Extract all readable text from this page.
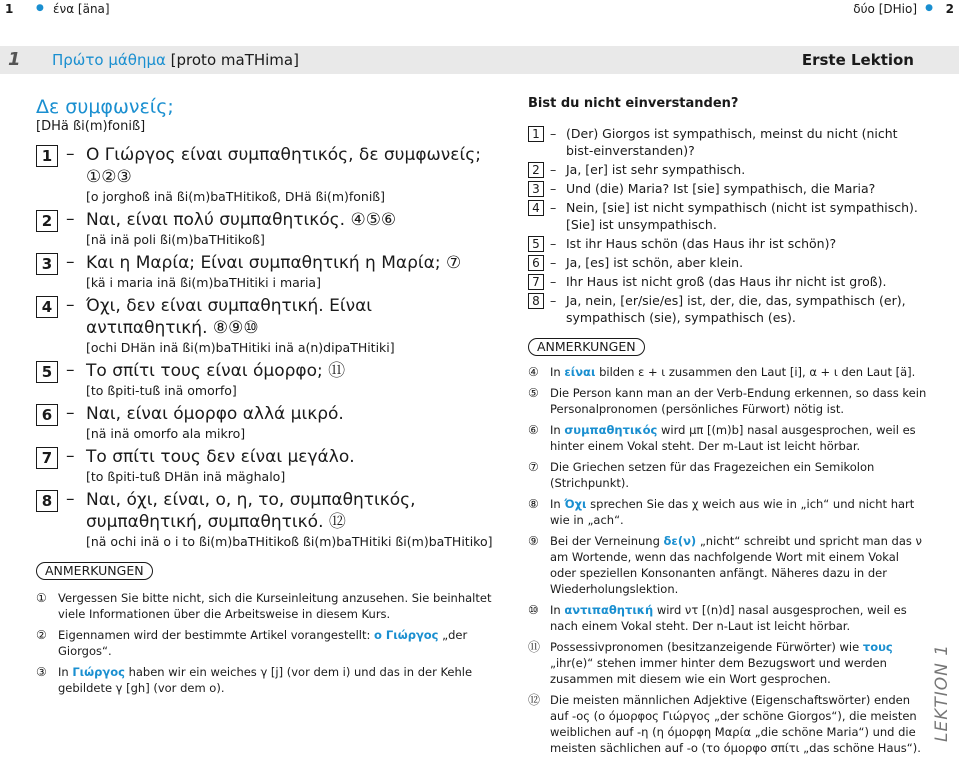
1	● ένα [äna]	δύο [DHio] ● 2
1 Πρώτο μάθημα [proto maTHima]	Erste Lektion
Δε συμφωνείς;
[DHä ßi(m)foniß]
1 – Ο Γιώργος είναι συμπαθητικός, δε συμφωνείς; ①②③
[o jorghoß inä ßi(m)baTHitikoß, DHä ßi(m)foniß]
2 – Ναι, είναι πολύ συμπαθητικός. ④⑤⑥
[nä inä poli ßi(m)baTHitikoß]
3 – Και η Μαρία; Είναι συμπαθητική η Μαρία; ⑦
[kä i maria inä ßi(m)baTHitiki i maria]
4 – Όχι, δεν είναι συμπαθητική. Είναι αντιπαθητική. ⑧⑨⑩
[ochi DHän inä ßi(m)baTHitiki inä a(n)dipaTHitiki]
5 – Το σπίτι τους είναι όμορφο; ⑪
[to ßpiti-tuß inä omorfo]
6 – Ναι, είναι όμορφο αλλά μικρό.
[nä inä omorfo ala mikro]
7 – Το σπίτι τους δεν είναι μεγάλο.
[to ßpiti-tuß DHän inä mäghalo]
8 – Ναι, όχι, είναι, ο, η, το, συμπαθητικός, συμπαθητική, συμπαθητικό. ⑫
[nä ochi inä o i to ßi(m)baTHitikoß ßi(m)baTHitiki ßi(m)baTHitiko]
ANMERKUNGEN
① Vergessen Sie bitte nicht, sich die Kurseinleitung anzusehen. Sie beinhaltet viele Informationen über die Arbeitsweise in diesem Kurs.
② Eigennamen wird der bestimmte Artikel vorangestellt: ο Γιώργος „der Giorgos“.
③ In Γιώργος haben wir ein weiches γ [j] (vor dem i) und das in der Kehle gebildete γ [gh] (vor dem o).
Bist du nicht einverstanden?
1 – (Der) Giorgos ist sympathisch, meinst du nicht (nicht bist-einverstanden)?
2 – Ja, [er] ist sehr sympathisch.
3 – Und (die) Maria? Ist [sie] sympathisch, die Maria?
4 – Nein, [sie] ist nicht sympathisch (nicht ist sympathisch). [Sie] ist unsympathisch.
5 – Ist ihr Haus schön (das Haus ihr ist schön)?
6 – Ja, [es] ist schön, aber klein.
7 – Ihr Haus ist nicht groß (das Haus ihr nicht ist groß).
8 – Ja, nein, [er/sie/es] ist, der, die, das, sympathisch (er), sympathisch (sie), sympathisch (es).
ANMERKUNGEN
④ In είναι bilden ε + ι zusammen den Laut [i], α + ι den Laut [ä].
⑤ Die Person kann man an der Verb-Endung erkennen, so dass kein Personalpronomen (persönliches Fürwort) nötig ist.
⑥ In συμπαθητικός wird μπ [(m)b] nasal ausgesprochen, weil es hinter einem Vokal steht. Der m-Laut ist leicht hörbar.
⑦ Die Griechen setzen für das Fragezeichen ein Semikolon (Strichpunkt).
⑧ In Όχι sprechen Sie das χ weich aus wie in „ich“ und nicht hart wie in „ach“.
⑨ Bei der Verneinung δε(ν) „nicht“ schreibt und spricht man das ν am Wortende, wenn das nachfolgende Wort mit einem Vokal oder speziellen Konsonanten anfängt. Näheres dazu in der Wiederholungslektion.
⑩ In αντιπαθητική wird ντ [(n)d] nasal ausgesprochen, weil es nach einem Vokal steht. Der n-Laut ist leicht hörbar.
⑪ Possessivpronomen (besitzanzeigende Fürwörter) wie τους „ihr(e)“ stehen immer hinter dem Bezugswort und werden zusammen mit diesem wie ein Wort gesprochen.
⑫ Die meisten männlichen Adjektive (Eigenschaftswörter) enden auf -ος (ο όμορφος Γιώργος „der schöne Giorgos“), die meisten weiblichen auf -η (η όμορφη Μαρία „die schöne Maria“) und die meisten sächlichen auf -ο (το όμορφο σπίτι „das schöne Haus“).
LEKTION 1
